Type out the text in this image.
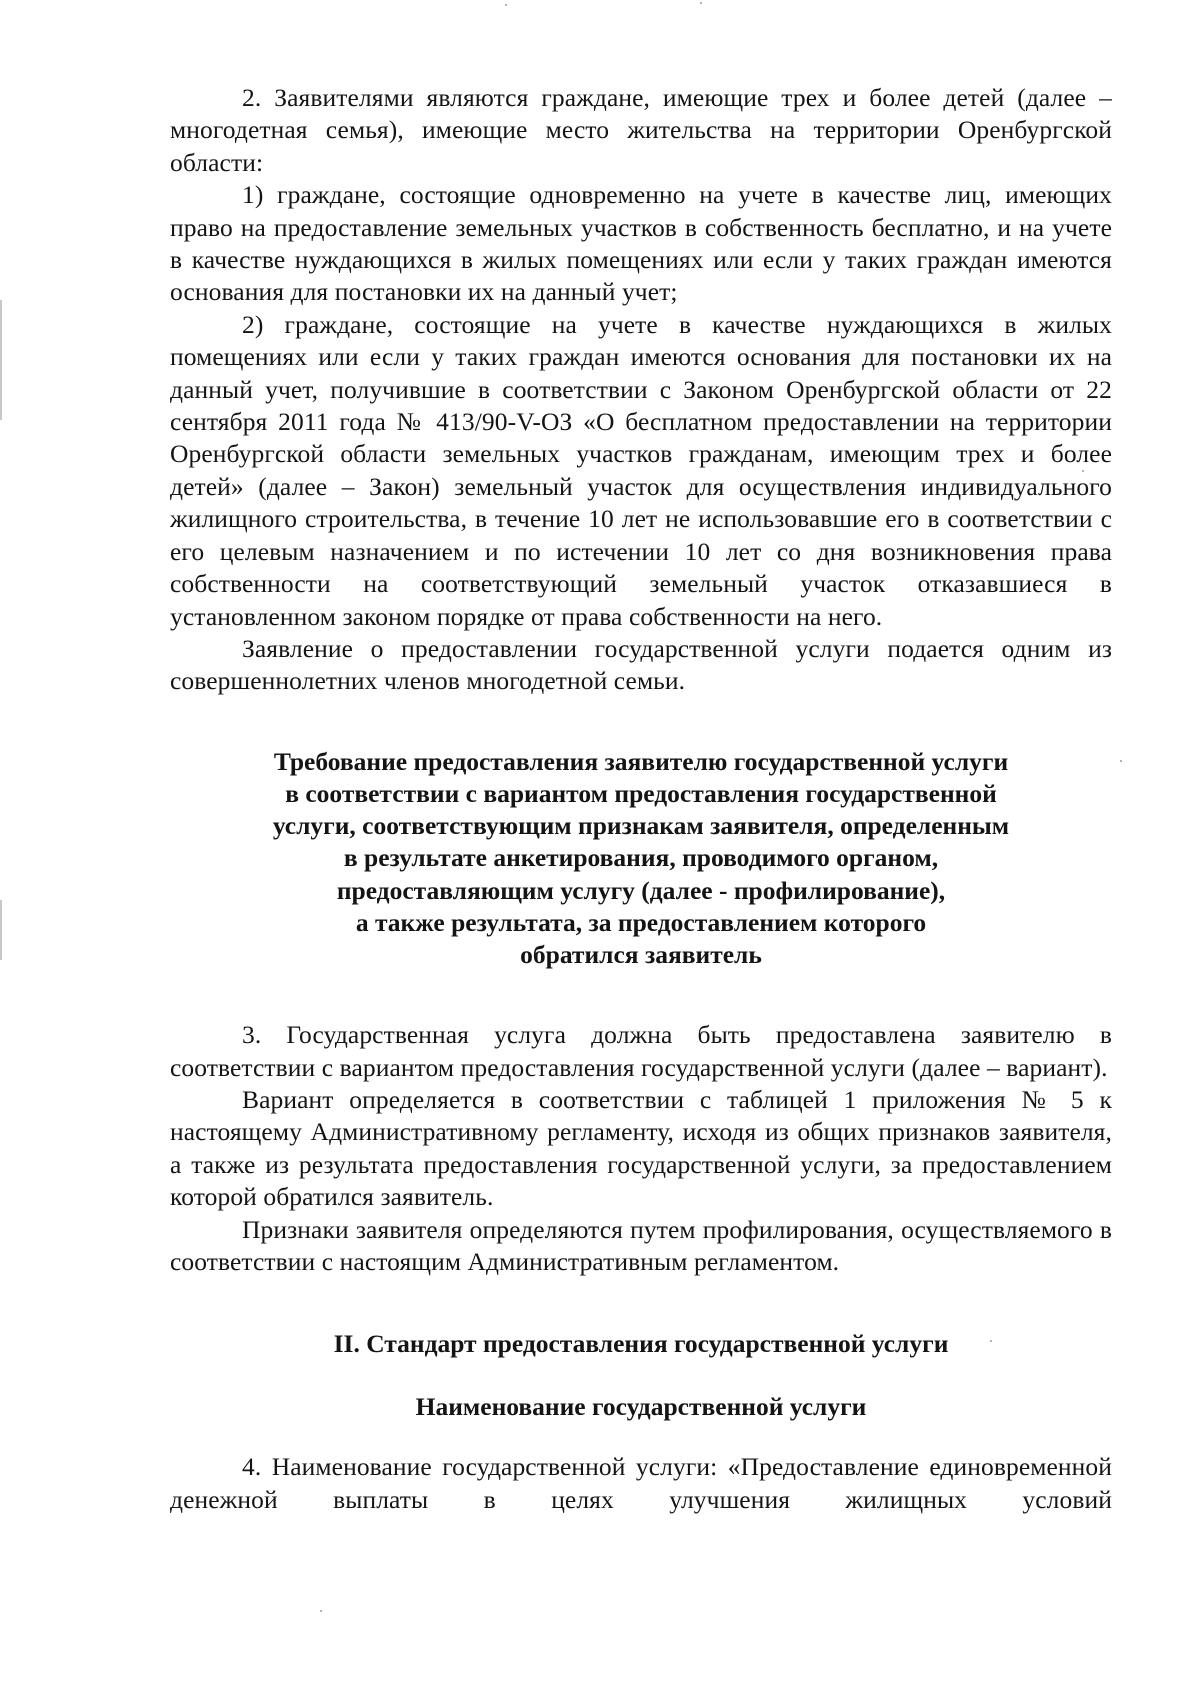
2. Заявителями являются граждане, имеющие трех и более детей (далее – многодетная семья), имеющие место жительства на территории Оренбургской области:

1) граждане, состоящие одновременно на учете в качестве лиц, имеющих право на предоставление земельных участков в собственность бесплатно, и на учете в качестве нуждающихся в жилых помещениях или если у таких граждан имеются основания для постановки их на данный учет;

2) граждане, состоящие на учете в качестве нуждающихся в жилых помещениях или если у таких граждан имеются основания для постановки их на данный учет, получившие в соответствии с Законом Оренбургской области от 22 сентября 2011 года № 413/90-V-ОЗ «О бесплатном предоставлении на территории Оренбургской области земельных участков гражданам, имеющим трех и более детей» (далее – Закон) земельный участок для осуществления индивидуального жилищного строительства, в течение 10 лет не использовавшие его в соответствии с его целевым назначением и по истечении 10 лет со дня возникновения права собственности на соответствующий земельный участок отказавшиеся в установленном законом порядке от права собственности на него.

Заявление о предоставлении государственной услуги подается одним из совершеннолетних членов многодетной семьи.

Требование предоставления заявителю государственной услуги

в соответствии с вариантом предоставления государственной

услуги, соответствующим признакам заявителя, определенным

в результате анкетирования, проводимого органом,

предоставляющим услугу (далее - профилирование),

а также результата, за предоставлением которого

обратился заявитель

3. Государственная услуга должна быть предоставлена заявителю в соответствии с вариантом предоставления государственной услуги (далее – вариант).

Вариант определяется в соответствии с таблицей 1 приложения № 5 к настоящему Административному регламенту, исходя из общих признаков заявителя, а также из результата предоставления государственной услуги, за предоставлением которой обратился заявитель.

Признаки заявителя определяются путем профилирования, осуществляемого в соответствии с настоящим Административным регламентом.

II. Стандарт предоставления государственной услуги

Наименование государственной услуги

4. Наименование государственной услуги: «Предоставление единовременной денежной выплаты в целях улучшения жилищных условий
